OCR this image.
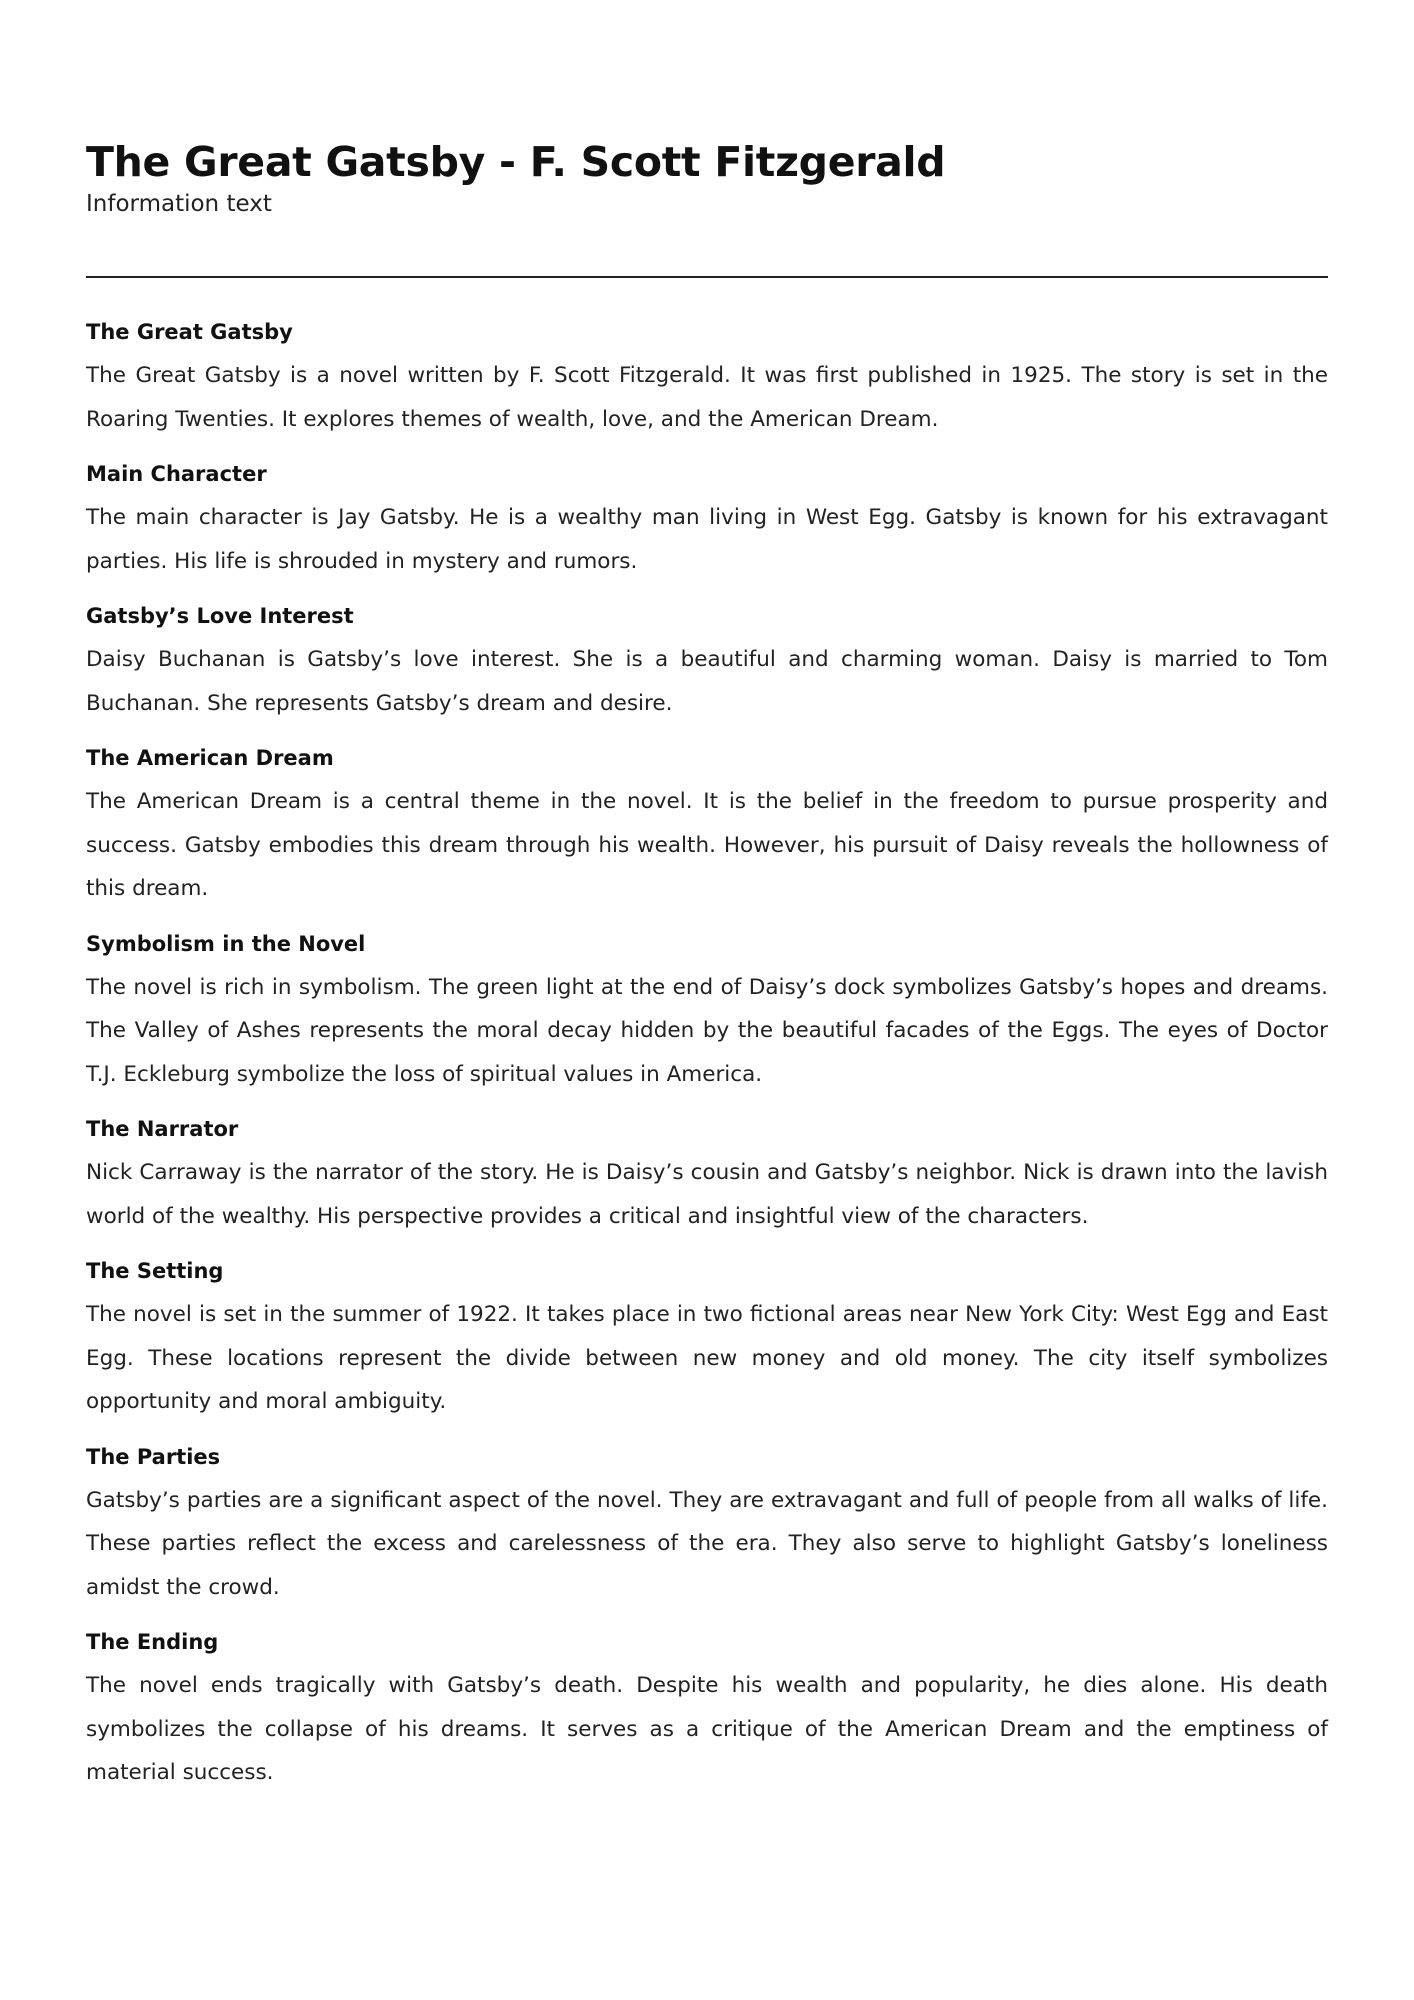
The Great Gatsby - F. Scott Fitzgerald

Information text

The Great Gatsby

The Great Gatsby is a novel written by F. Scott Fitzgerald. It was first published in 1925. The story is set in the Roaring Twenties. It explores themes of wealth, love, and the American Dream.

Main Character

The main character is Jay Gatsby. He is a wealthy man living in West Egg. Gatsby is known for his extravagant parties. His life is shrouded in mystery and rumors.

Gatsby’s Love Interest

Daisy Buchanan is Gatsby’s love interest. She is a beautiful and charming woman. Daisy is married to Tom Buchanan. She represents Gatsby’s dream and desire.

The American Dream

The American Dream is a central theme in the novel. It is the belief in the freedom to pursue prosperity and success. Gatsby embodies this dream through his wealth. However, his pursuit of Daisy reveals the hollowness of this dream.

Symbolism in the Novel

The novel is rich in symbolism. The green light at the end of Daisy’s dock symbolizes Gatsby’s hopes and dreams. The Valley of Ashes represents the moral decay hidden by the beautiful facades of the Eggs. The eyes of Doctor T.J. Eckleburg symbolize the loss of spiritual values in America.

The Narrator

Nick Carraway is the narrator of the story. He is Daisy’s cousin and Gatsby’s neighbor. Nick is drawn into the lavish world of the wealthy. His perspective provides a critical and insightful view of the characters.

The Setting

The novel is set in the summer of 1922. It takes place in two fictional areas near New York City: West Egg and East Egg. These locations represent the divide between new money and old money. The city itself symbolizes opportunity and moral ambiguity.

The Parties

Gatsby’s parties are a significant aspect of the novel. They are extravagant and full of people from all walks of life. These parties reflect the excess and carelessness of the era. They also serve to highlight Gatsby’s loneliness amidst the crowd.

The Ending

The novel ends tragically with Gatsby’s death. Despite his wealth and popularity, he dies alone. His death symbolizes the collapse of his dreams. It serves as a critique of the American Dream and the emptiness of material success.
